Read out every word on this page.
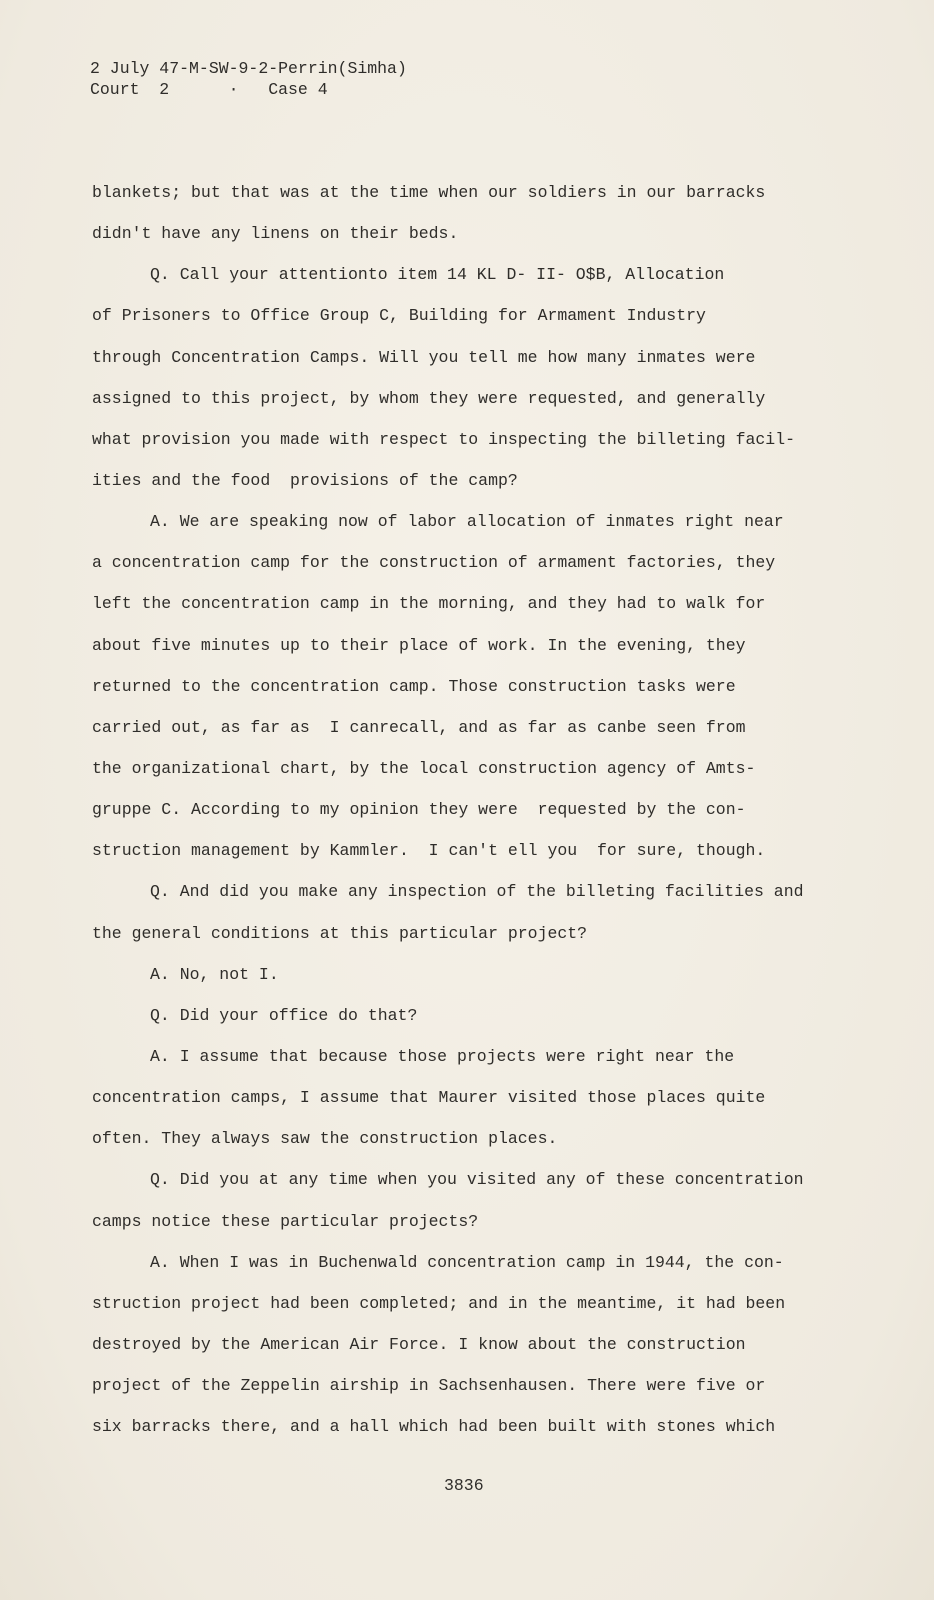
2 July 47-M-SW-9-2-Perrin(Simha)
Court  2      ·   Case 4
blankets; but that was at the time when our soldiers in our barracks
didn't have any linens on their beds.
Q. Call your attentionto item 14 KL D- II- O$B, Allocation
of Prisoners to Office Group C, Building for Armament Industry
through Concentration Camps. Will you tell me how many inmates were
assigned to this project, by whom they were requested, and generally
what provision you made with respect to inspecting the billeting facil-
ities and the food  provisions of the camp?
A. We are speaking now of labor allocation of inmates right near
a concentration camp for the construction of armament factories, they
left the concentration camp in the morning, and they had to walk for
about five minutes up to their place of work. In the evening, they
returned to the concentration camp. Those construction tasks were
carried out, as far as  I canrecall, and as far as canbe seen from
the organizational chart, by the local construction agency of Amts-
gruppe C. According to my opinion they were  requested by the con-
struction management by Kammler.  I can't ell you  for sure, though.
Q. And did you make any inspection of the billeting facilities and
the general conditions at this particular project?
A. No, not I.
Q. Did your office do that?
A. I assume that because those projects were right near the
concentration camps, I assume that Maurer visited those places quite
often. They always saw the construction places.
Q. Did you at any time when you visited any of these concentration
camps notice these particular projects?
A. When I was in Buchenwald concentration camp in 1944, the con-
struction project had been completed; and in the meantime, it had been
destroyed by the American Air Force. I know about the construction
project of the Zeppelin airship in Sachsenhausen. There were five or
six barracks there, and a hall which had been built with stones which
3836
